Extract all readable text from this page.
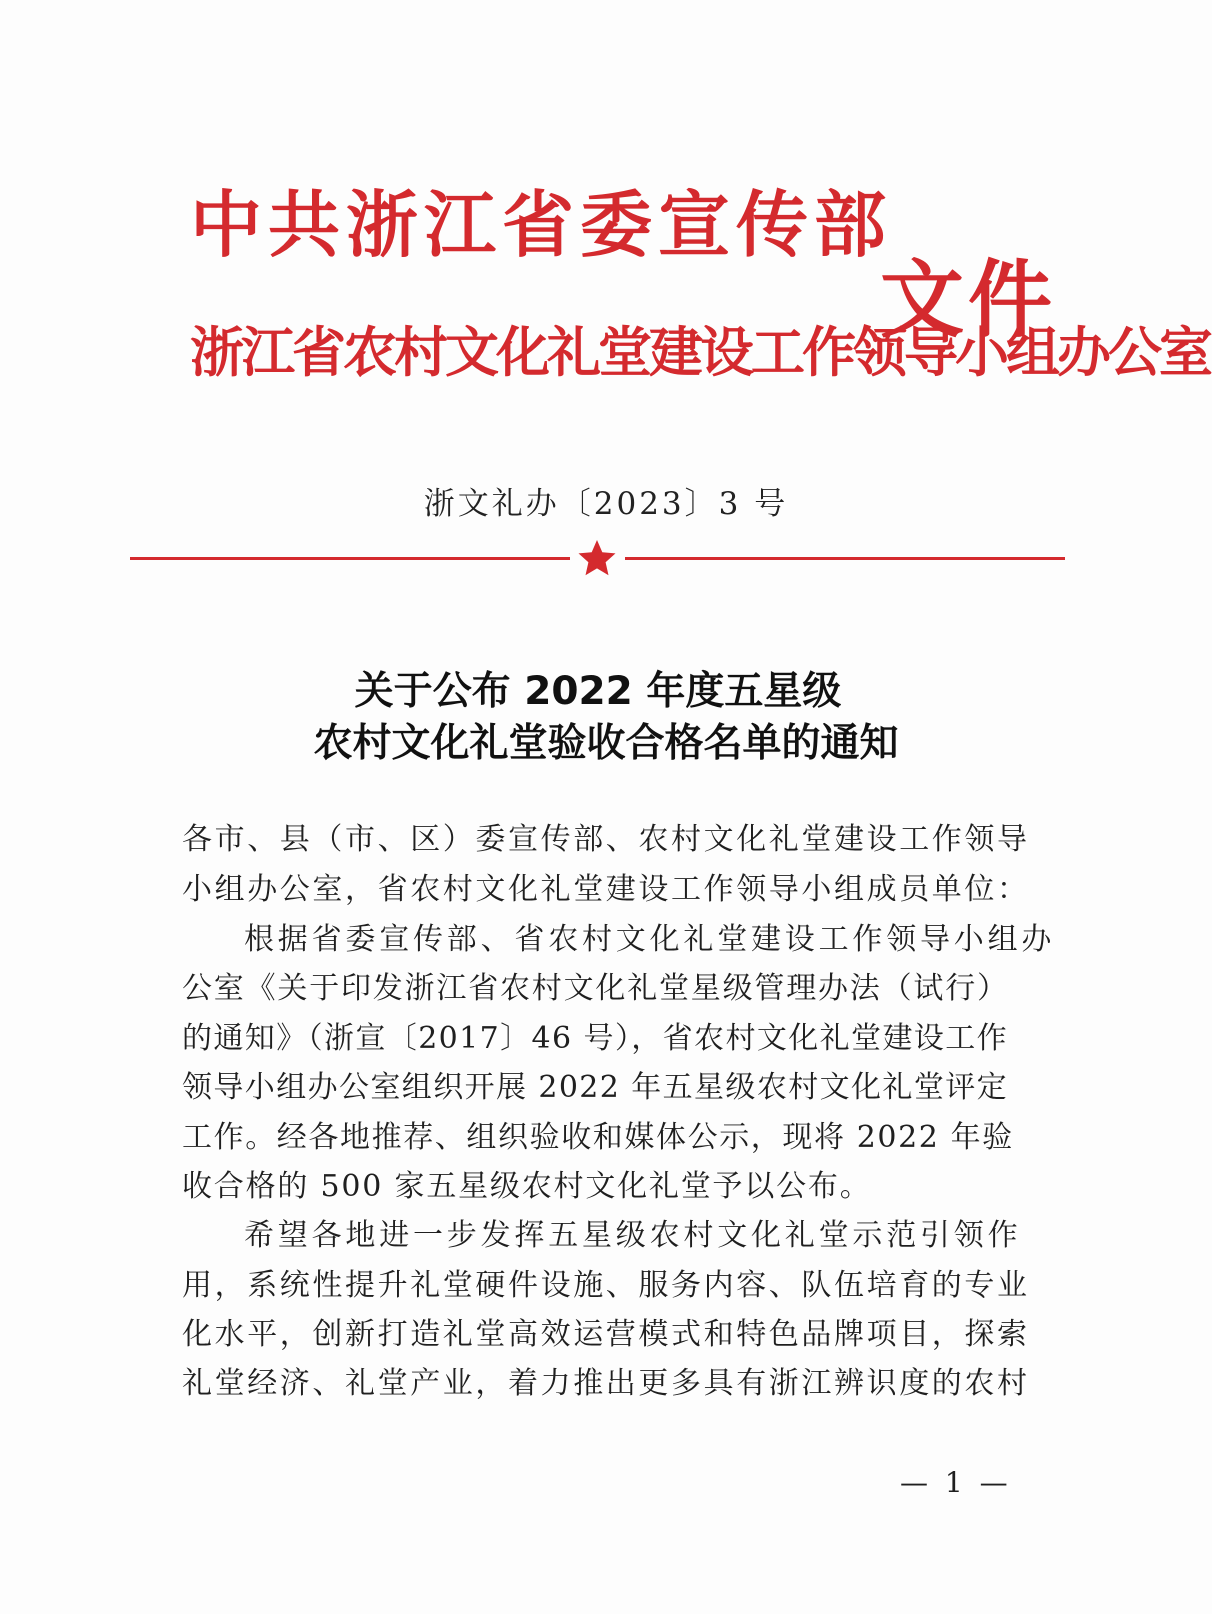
中共浙江省委宣传部
浙江省农村文化礼堂建设工作领导小组办公室
文件
浙文礼办〔2023〕3 号
关于公布 2022 年度五星级
农村文化礼堂验收合格名单的通知
各市、县（市、区）委宣传部、农村文化礼堂建设工作领导
小组办公室，省农村文化礼堂建设工作领导小组成员单位：
根据省委宣传部、省农村文化礼堂建设工作领导小组办
公室《关于印发浙江省农村文化礼堂星级管理办法（试行）
的通知》（浙宣〔2017〕46 号），省农村文化礼堂建设工作
领导小组办公室组织开展 2022 年五星级农村文化礼堂评定
工作。经各地推荐、组织验收和媒体公示，现将 2022 年验
收合格的 500 家五星级农村文化礼堂予以公布。
希望各地进一步发挥五星级农村文化礼堂示范引领作
用，系统性提升礼堂硬件设施、服务内容、队伍培育的专业
化水平，创新打造礼堂高效运营模式和特色品牌项目，探索
礼堂经济、礼堂产业，着力推出更多具有浙江辨识度的农村
— 1 —
